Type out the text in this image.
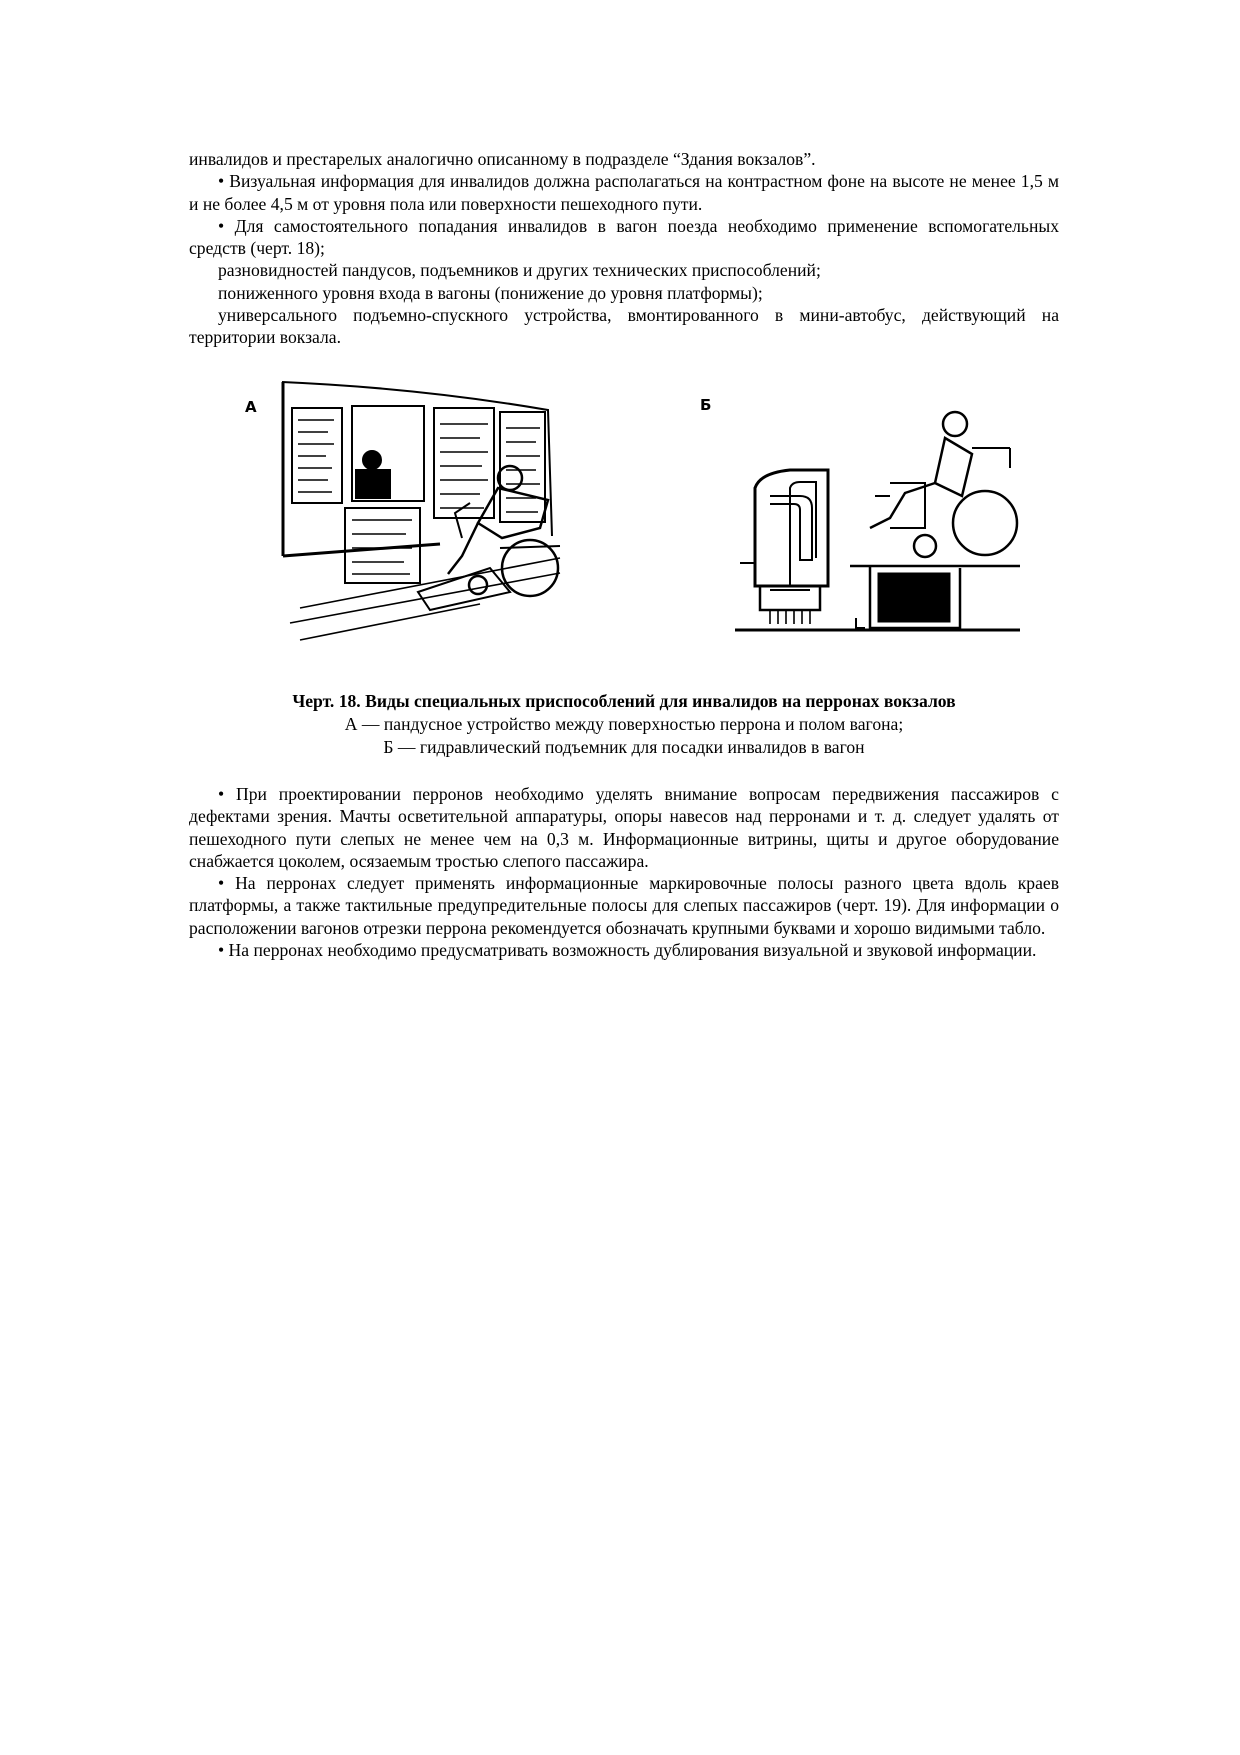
инвалидов и престарелых аналогично описанному в подразделе “Здания вокзалов”.

• Визуальная информация для инвалидов должна располагаться на контрастном фоне на высоте не менее 1,5 м и не более 4,5 м от уровня пола или поверхности пешеходного пути.

• Для самостоятельного попадания инвалидов в вагон поезда необходимо применение вспомогательных средств (черт. 18);

разновидностей пандусов, подъемников и других технических приспособлений;

пониженного уровня входа в вагоны (понижение до уровня платформы);

универсального подъемно-спускного устройства, вмонтированного в мини-автобус, действующий на территории вокзала.

А	Б
Черт. 18. Виды специальных приспособлений для инвалидов на перронах вокзалов
А — пандусное устройство между поверхностью перрона и полом вагона;
Б — гидравлический подъемник для посадки инвалидов в вагон

• При проектировании перронов необходимо уделять внимание вопросам передвижения пассажиров с дефектами зрения. Мачты осветительной аппаратуры, опоры навесов над перронами и т. д. следует удалять от пешеходного пути слепых не менее чем на 0,3 м. Информационные витрины, щиты и другое оборудование снабжается цоколем, осязаемым тростью слепого пассажира.

• На перронах следует применять информационные маркировочные полосы разного цвета вдоль краев платформы, а также тактильные предупредительные полосы для слепых пассажиров (черт. 19). Для информации о расположении вагонов отрезки перрона рекомендуется обозначать крупными буквами и хорошо видимыми табло.

• На перронах необходимо предусматривать возможность дублирования визуальной и звуковой информации.
